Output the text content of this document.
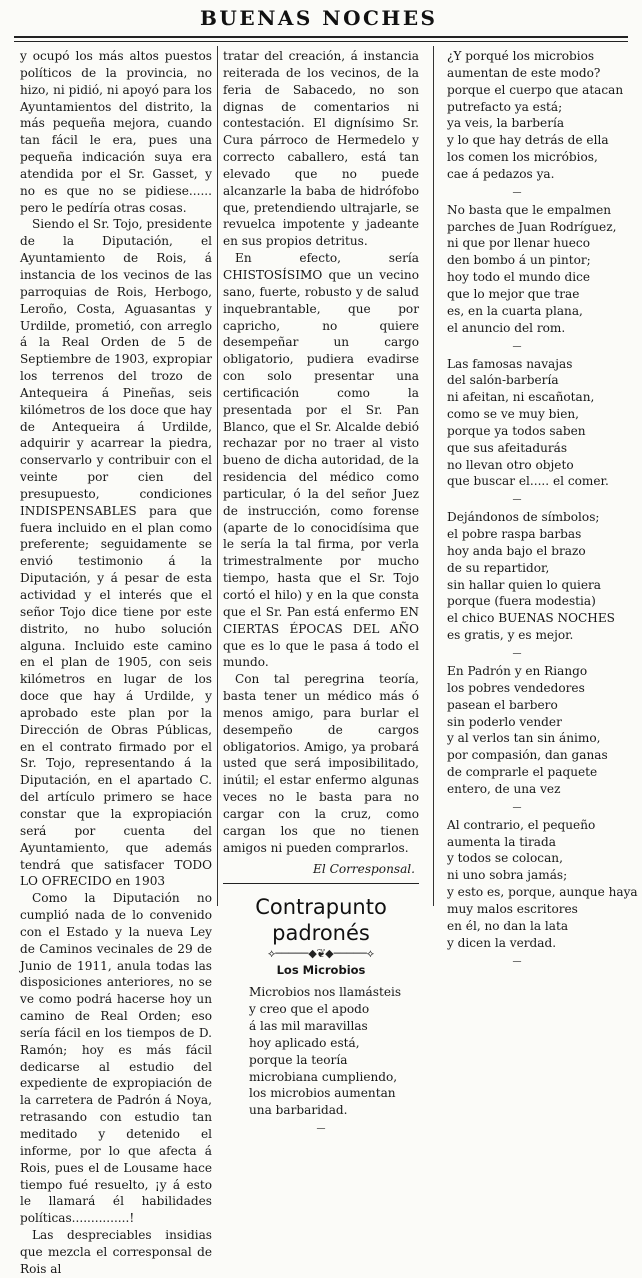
BUENAS NOCHES

y ocupó los más altos puestos políticos de la provincia, no hizo, ni pidió, ni apoyó para los Ayuntamientos del distrito, la más pequeña mejora, cuando tan fácil le era, pues una pequeña indicación suya era atendida por el Sr. Gasset, y no es que no se pidiese...... pero le pedíría otras cosas.

Siendo el Sr. Tojo, presidente de la Diputación, el Ayuntamiento de Rois, á instancia de los vecinos de las parroquias de Rois, Herbogo, Leroño, Costa, Aguasantas y Urdilde, prometió, con arreglo á la Real Orden de 5 de Septiembre de 1903, expropiar los terrenos del trozo de Antequeira á Pineñas, seis kilómetros de los doce que hay de Antequeira á Urdilde, adquirir y acarrear la piedra, conservarlo y contribuir con el veinte por cien del presupuesto, condiciones INDISPENSABLES para que fuera incluido en el plan como preferente; seguidamente se envió testimonio á la Diputación, y á pesar de esta actividad y el interés que el señor Tojo dice tiene por este distrito, no hubo solución alguna. Incluido este camino en el plan de 1905, con seis kilómetros en lugar de los doce que hay á Urdilde, y aprobado este plan por la Dirección de Obras Públicas, en el contrato firmado por el Sr. Tojo, representando á la Diputación, en el apartado C. del artículo primero se hace constar que la expropiación será por cuenta del Ayuntamiento, que además tendrá que satisfacer TODO LO OFRECIDO en 1903

Como la Diputación no cumplió nada de lo convenido con el Estado y la nueva Ley de Caminos vecinales de 29 de Junio de 1911, anula todas las disposiciones anteriores, no se ve como podrá hacerse hoy un camino de Real Orden; eso sería fácil en los tiempos de D. Ramón; hoy es más fácil dedicarse al estudio del expediente de expropiación de la carretera de Padrón á Noya, retrasando con estudio tan meditado y detenido el informe, por lo que afecta á Rois, pues el de Lousame hace tiempo fué resuelto, ¡y á esto le llamará él habilidades políticas...............!

Las despreciables insidias que mezcla el corresponsal de Rois al

tratar del creación, á instancia reiterada de los vecinos, de la feria de Sabacedo, no son dignas de comentarios ni contestación. El dignísimo Sr. Cura párroco de Hermedelo y correcto caballero, está tan elevado que no puede alcanzarle la baba de hidrófobo que, pretendiendo ultrajarle, se revuelca impotente y jadeante en sus propios detritus.

En efecto, sería CHISTOSÍSIMO que un vecino sano, fuerte, robusto y de salud inquebrantable, que por capricho, no quiere desempeñar un cargo obligatorio, pudiera evadirse con solo presentar una certificación como la presentada por el Sr. Pan Blanco, que el Sr. Alcalde debió rechazar por no traer al visto bueno de dicha autoridad, de la residencia del médico como particular, ó la del señor Juez de instrucción, como forense (aparte de lo conocidísima que le sería la tal firma, por verla trimestralmente por mucho tiempo, hasta que el Sr. Tojo cortó el hilo) y en la que consta que el Sr. Pan está enfermo EN CIERTAS ÉPOCAS DEL AÑO que es lo que le pasa á todo el mundo.

Con tal peregrina teoría, basta tener un médico más ó menos amigo, para burlar el desempeño de cargos obligatorios. Amigo, ya probará usted que será imposibilitado, inútil; el estar enfermo algunas veces no le basta para no cargar con la cruz, como cargan los que no tienen amigos ni pueden comprarlos.

El Corresponsal.

Contrapunto padronés
⟡─────◆❦◆─────⟡
Los Microbios
Microbios nos llamásteis
y creo que el apodo
á las mil maravillas
hoy aplicado está,
porque la teoría
microbiana cumpliendo,
los microbios aumentan
una barbaridad.
—
¿Y porqué los microbios
aumentan de este modo?
porque el cuerpo que atacan
putrefacto ya está;
ya veis, la barbería
y lo que hay detrás de ella
los comen los micróbios,
cae á pedazos ya.
—
No basta que le empalmen
parches de Juan Rodríguez,
ni que por llenar hueco
den bombo á un pintor;
hoy todo el mundo dice
que lo mejor que trae
es, en la cuarta plana,
el anuncio del rom.
—
Las famosas navajas
del salón-barbería
ni afeitan, ni escañotan,
como se ve muy bien,
porque ya todos saben
que sus afeitadurás
no llevan otro objeto
que buscar el..... el comer.
—
Dejándonos de símbolos;
el pobre raspa barbas
hoy anda bajo el brazo
de su repartidor,
sin hallar quien lo quiera
porque (fuera modestia)
el chico BUENAS NOCHES
es gratis, y es mejor.
—
En Padrón y en Riango
los pobres vendedores
pasean el barbero
sin poderlo vender
y al verlos tan sin ánimo,
por compasión, dan ganas
de comprarle el paquete
entero, de una vez
—
Al contrario, el pequeño
aumenta la tirada
y todos se colocan,
ni uno sobra jamás;
y esto es, porque, aunque haya
muy malos escritores
en él, no dan la lata
y dicen la verdad.
—
